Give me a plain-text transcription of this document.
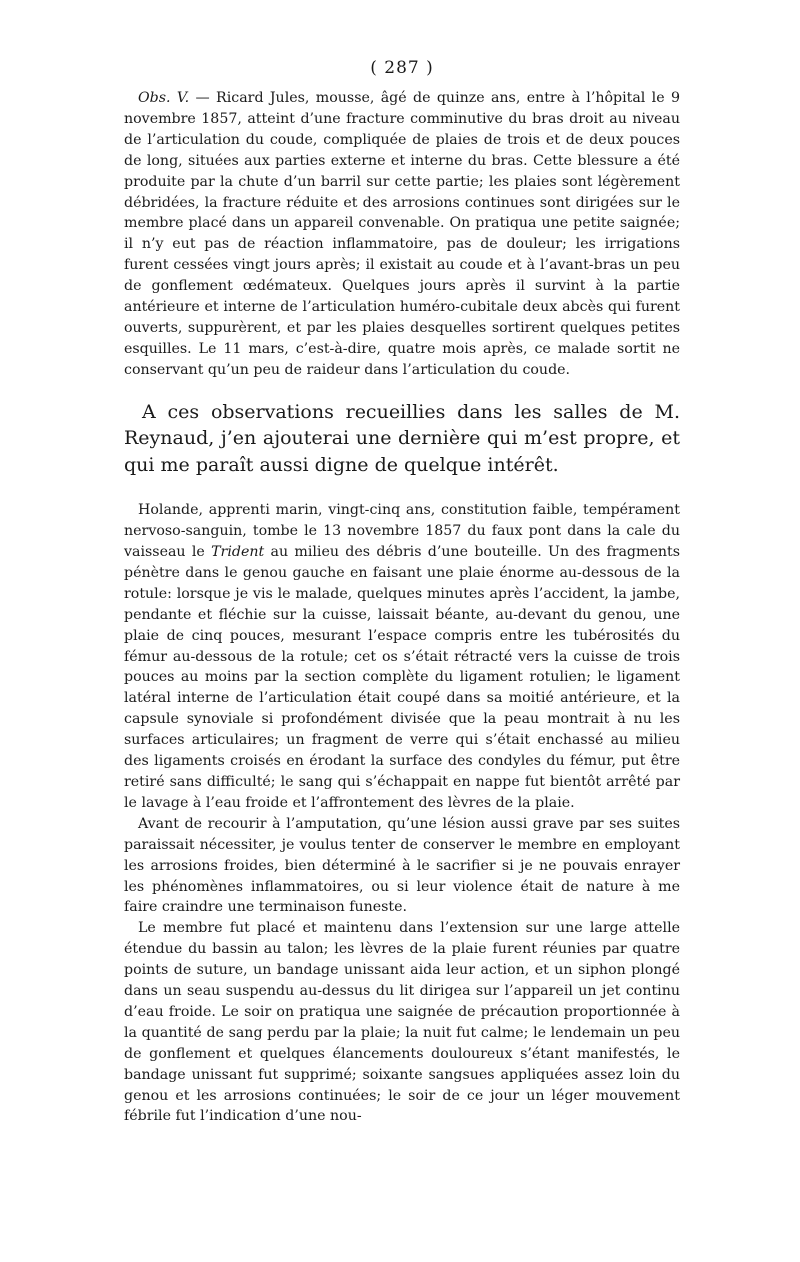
( 287 )

Obs. V. — Ricard Jules, mousse, âgé de quinze ans, entre à l’hôpital le 9 novembre 1857, atteint d’une fracture comminutive du bras droit au niveau de l’articulation du coude, compliquée de plaies de trois et de deux pouces de long, situées aux parties externe et interne du bras. Cette blessure a été produite par la chute d’un barril sur cette partie; les plaies sont légèrement débridées, la fracture réduite et des arrosions continues sont dirigées sur le membre placé dans un appareil convenable. On pratiqua une petite saignée; il n’y eut pas de réaction inflammatoire, pas de douleur; les irrigations furent cessées vingt jours après; il existait au coude et à l’avant-bras un peu de gonflement œdémateux. Quelques jours après il survint à la partie antérieure et interne de l’articulation huméro-cubitale deux abcès qui furent ouverts, suppurèrent, et par les plaies desquelles sortirent quelques petites esquilles. Le 11 mars, c’est-à-dire, quatre mois après, ce malade sortit ne conservant qu’un peu de raideur dans l’articulation du coude.

A ces observations recueillies dans les salles de M. Reynaud, j’en ajouterai une dernière qui m’est propre, et qui me paraît aussi digne de quelque intérêt.

Holande, apprenti marin, vingt-cinq ans, constitution faible, tempérament nervoso-sanguin, tombe le 13 novembre 1857 du faux pont dans la cale du vaisseau le Trident au milieu des débris d’une bouteille. Un des fragments pénètre dans le genou gauche en faisant une plaie énorme au-dessous de la rotule: lorsque je vis le malade, quelques minutes après l’accident, la jambe, pendante et fléchie sur la cuisse, laissait béante, au-devant du genou, une plaie de cinq pouces, mesurant l’espace compris entre les tubérosités du fémur au-dessous de la rotule; cet os s’était rétracté vers la cuisse de trois pouces au moins par la section complète du ligament rotulien; le ligament latéral interne de l’articulation était coupé dans sa moitié antérieure, et la capsule synoviale si profondément divisée que la peau montrait à nu les surfaces articulaires; un fragment de verre qui s’était enchassé au milieu des ligaments croisés en érodant la surface des condyles du fémur, put être retiré sans difficulté; le sang qui s’échappait en nappe fut bientôt arrêté par le lavage à l’eau froide et l’affrontement des lèvres de la plaie.

Avant de recourir à l’amputation, qu’une lésion aussi grave par ses suites paraissait nécessiter, je voulus tenter de conserver le membre en employant les arrosions froides, bien déterminé à le sacrifier si je ne pouvais enrayer les phénomènes inflammatoires, ou si leur violence était de nature à me faire craindre une terminaison funeste.

Le membre fut placé et maintenu dans l’extension sur une large attelle étendue du bassin au talon; les lèvres de la plaie furent réunies par quatre points de suture, un bandage unissant aida leur action, et un siphon plongé dans un seau suspendu au-dessus du lit dirigea sur l’appareil un jet continu d’eau froide. Le soir on pratiqua une saignée de précaution proportionnée à la quantité de sang perdu par la plaie; la nuit fut calme; le lendemain un peu de gonflement et quelques élancements douloureux s’étant manifestés, le bandage unissant fut supprimé; soixante sangsues appliquées assez loin du genou et les arrosions continuées; le soir de ce jour un léger mouvement fébrile fut l’indication d’une nou-
